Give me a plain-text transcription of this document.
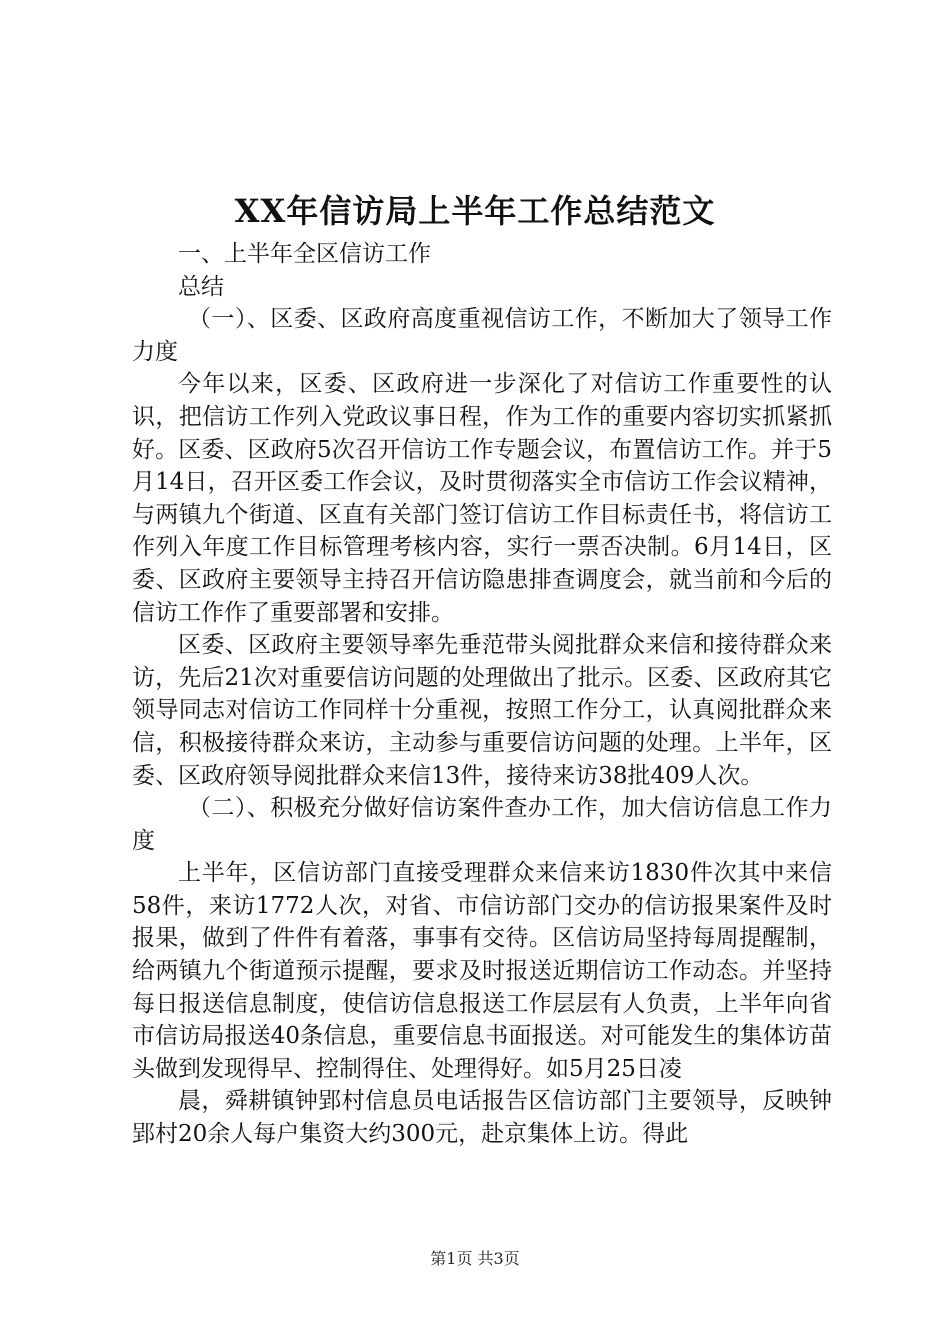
XX年信访局上半年工作总结范文

一、上半年全区信访工作

总结

（一）、区委、区政府高度重视信访工作，不断加大了领导工作力度

今年以来，区委、区政府进一步深化了对信访工作重要性的认识，把信访工作列入党政议事日程，作为工作的重要内容切实抓紧抓好。区委、区政府5次召开信访工作专题会议，布置信访工作。并于5月14日，召开区委工作会议，及时贯彻落实全市信访工作会议精神，与两镇九个街道、区直有关部门签订信访工作目标责任书，将信访工作列入年度工作目标管理考核内容，实行一票否决制。6月14日，区委、区政府主要领导主持召开信访隐患排查调度会，就当前和今后的信访工作作了重要部署和安排。

区委、区政府主要领导率先垂范带头阅批群众来信和接待群众来访，先后21次对重要信访问题的处理做出了批示。区委、区政府其它领导同志对信访工作同样十分重视，按照工作分工，认真阅批群众来信，积极接待群众来访，主动参与重要信访问题的处理。上半年，区委、区政府领导阅批群众来信13件，接待来访38批409人次。

（二）、积极充分做好信访案件查办工作，加大信访信息工作力度

上半年，区信访部门直接受理群众来信来访1830件次其中来信58件，来访1772人次，对省、市信访部门交办的信访报果案件及时报果，做到了件件有着落，事事有交待。区信访局坚持每周提醒制，给两镇九个街道预示提醒，要求及时报送近期信访工作动态。并坚持每日报送信息制度，使信访信息报送工作层层有人负责，上半年向省市信访局报送40条信息，重要信息书面报送。对可能发生的集体访苗头做到发现得早、控制得住、处理得好。如5月25日凌

晨，舜耕镇钟郢村信息员电话报告区信访部门主要领导，反映钟郢村20余人每户集资大约300元，赴京集体上访。得此

第1页 共3页
